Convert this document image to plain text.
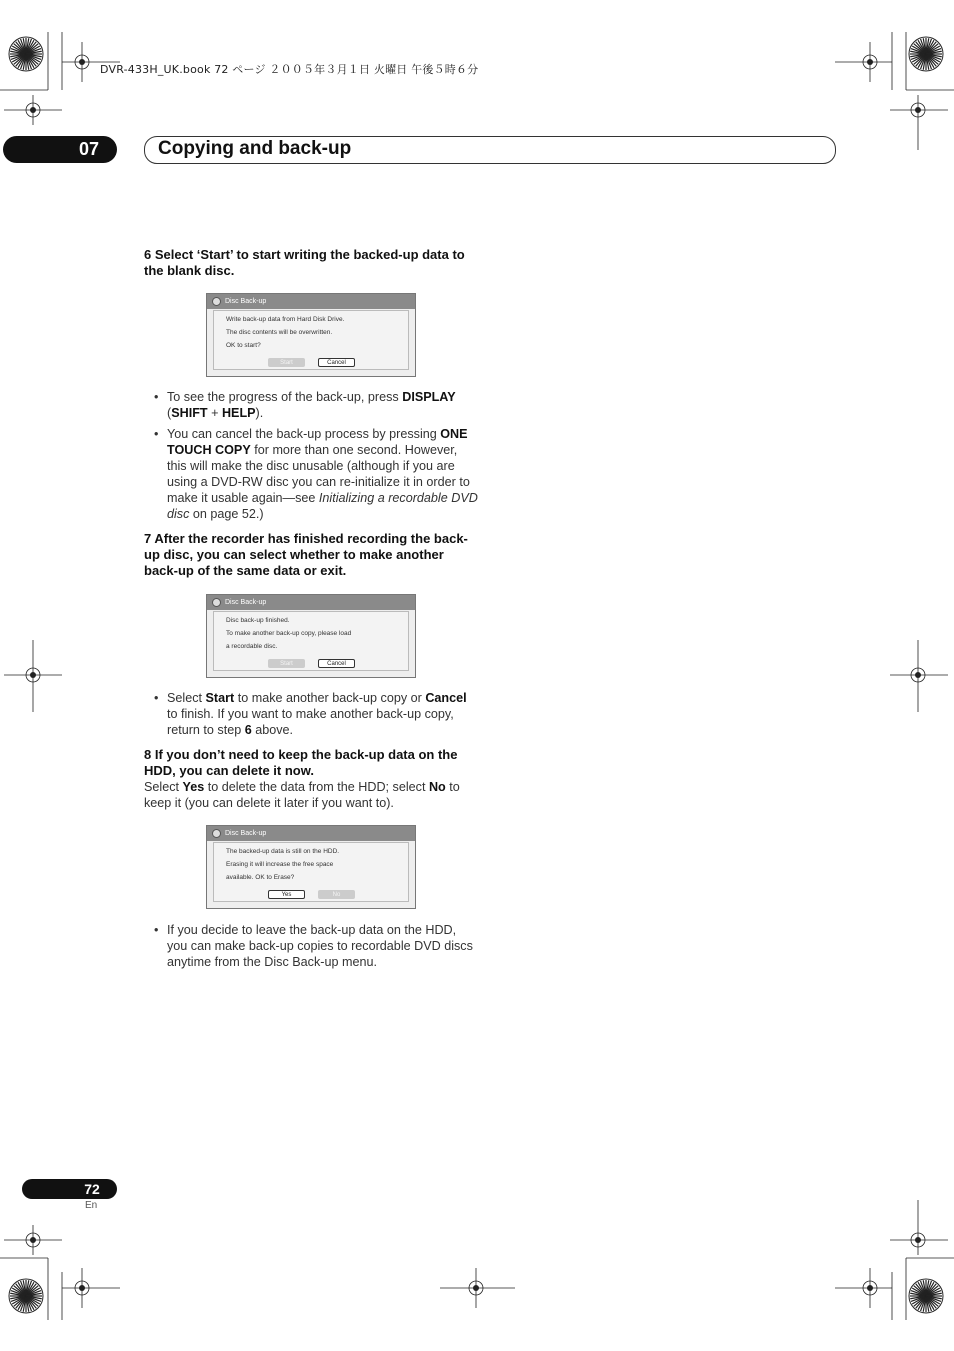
DVR-433H_UK.book 72 ページ ２００５年３月１日 火曜日 午後５時６分
07	Copying and back-up
6 Select ‘Start’ to start writing the backed-up data to the blank disc.
Disc Back-up
Write back-up data from Hard Disk Drive.
The disc contents will be overwritten.
OK to start?
Start	Cancel
• To see the progress of the back-up, press DISPLAY (SHIFT + HELP).
• You can cancel the back-up process by pressing ONE TOUCH COPY for more than one second. However, this will make the disc unusable (although if you are using a DVD-RW disc you can re-initialize it in order to make it usable again—see Initializing a recordable DVD disc on page 52.)
7 After the recorder has finished recording the back-up disc, you can select whether to make another back-up of the same data or exit.
Disc Back-up
Disc back-up finished.
To make another back-up copy, please load
a recordable disc.
Start	Cancel
• Select Start to make another back-up copy or Cancel to finish. If you want to make another back-up copy, return to step 6 above.
8 If you don’t need to keep the back-up data on the HDD, you can delete it now.
Select Yes to delete the data from the HDD; select No to keep it (you can delete it later if you want to).
Disc Back-up
The backed-up data is still on the HDD.
Erasing it will increase the free space
available. OK to Erase?
Yes	No
• If you decide to leave the back-up data on the HDD, you can make back-up copies to recordable DVD discs anytime from the Disc Back-up menu.
72
En
